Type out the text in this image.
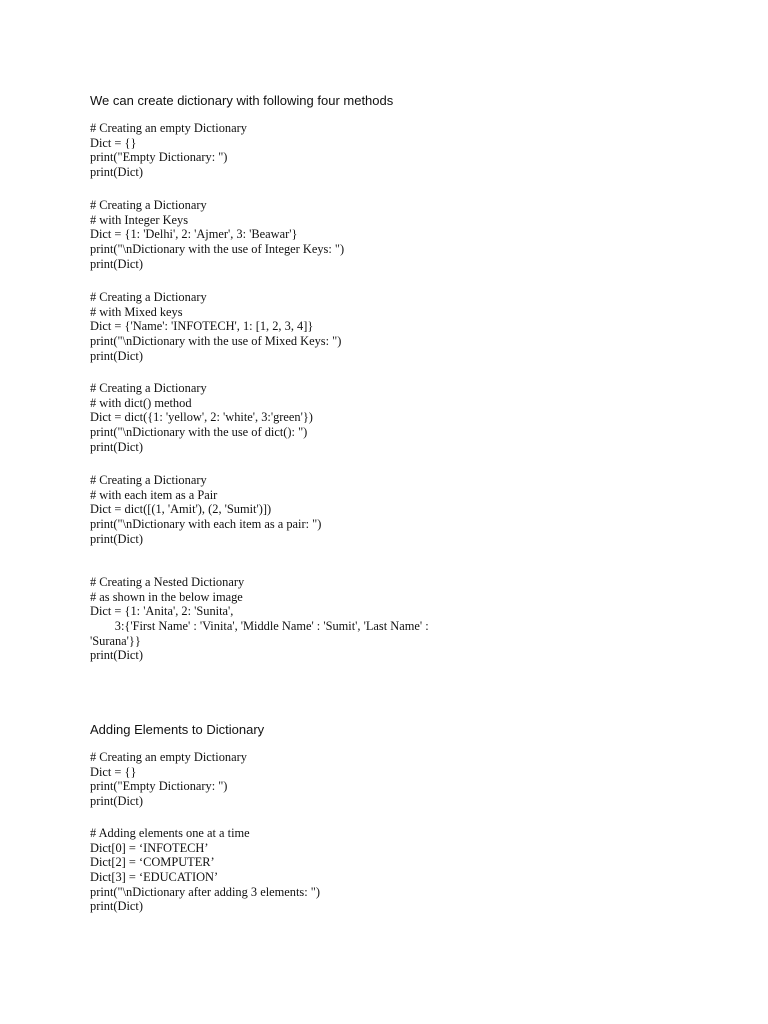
We can create dictionary with following four methods
# Creating an empty Dictionary
Dict = {}
print("Empty Dictionary: ")
print(Dict)
# Creating a Dictionary
# with Integer Keys
Dict = {1: 'Delhi', 2: 'Ajmer', 3: 'Beawar'}
print("\nDictionary with the use of Integer Keys: ")
print(Dict)
# Creating a Dictionary
# with Mixed keys
Dict = {'Name': 'INFOTECH', 1: [1, 2, 3, 4]}
print("\nDictionary with the use of Mixed Keys: ")
print(Dict)
# Creating a Dictionary
# with dict() method
Dict = dict({1: 'yellow', 2: 'white', 3:'green'})
print("\nDictionary with the use of dict(): ")
print(Dict)
# Creating a Dictionary
# with each item as a Pair
Dict = dict([(1, 'Amit'), (2, 'Sumit')])
print("\nDictionary with each item as a pair: ")
print(Dict)
# Creating a Nested Dictionary
# as shown in the below image
Dict = {1: 'Anita', 2: 'Sunita',
3:{'First Name' : 'Vinita', 'Middle Name' : 'Sumit', 'Last Name' :
'Surana'}}
print(Dict)
Adding Elements to Dictionary
# Creating an empty Dictionary
Dict = {}
print("Empty Dictionary: ")
print(Dict)
# Adding elements one at a time
Dict[0] = ‘INFOTECH’
Dict[2] = ‘COMPUTER’
Dict[3] = ‘EDUCATION’
print("\nDictionary after adding 3 elements: ")
print(Dict)
